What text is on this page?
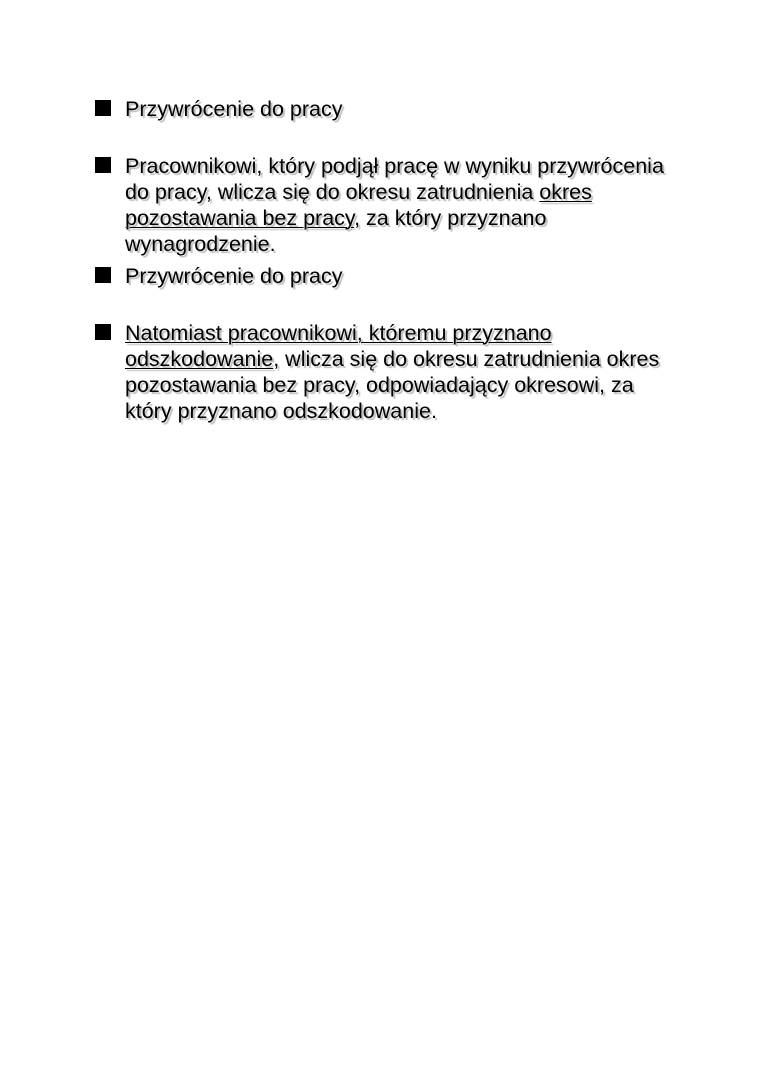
Przywrócenie do pracy
Pracownikowi, który podjął pracę w wyniku przywrócenia do pracy, wlicza się do okresu zatrudnienia okres pozostawania bez pracy, za który przyznano wynagrodzenie.
Przywrócenie do pracy
Natomiast pracownikowi, któremu przyznano odszkodowanie, wlicza się do okresu zatrudnienia okres pozostawania bez pracy, odpowiadający okresowi, za który przyznano odszkodowanie.
